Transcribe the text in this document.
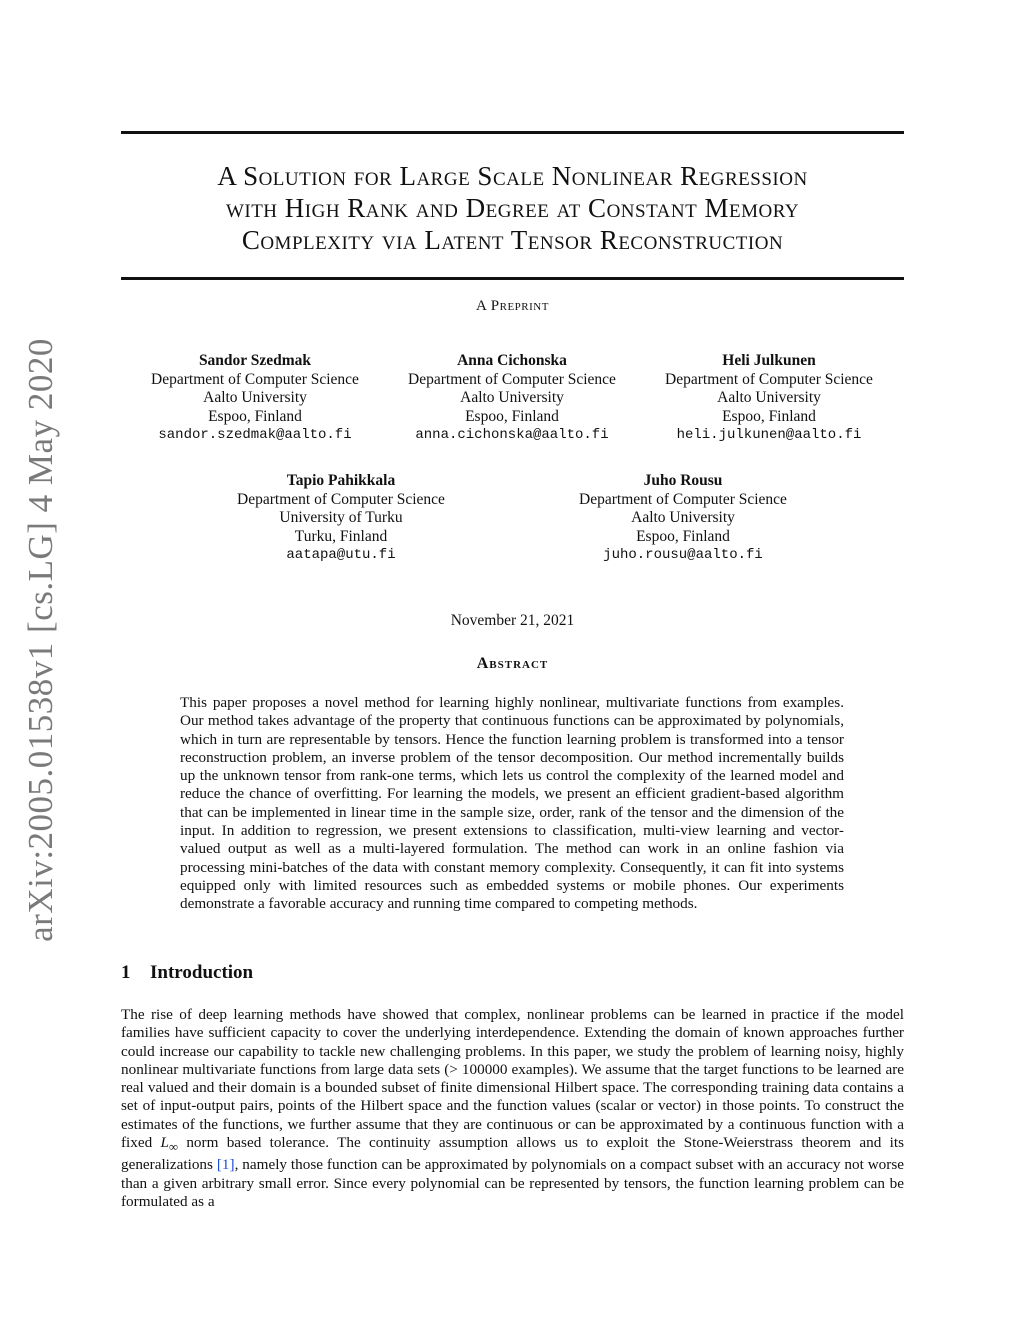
arXiv:2005.01538v1 [cs.LG] 4 May 2020
A Solution for Large Scale Nonlinear Regression
with High Rank and Degree at Constant Memory
Complexity via Latent Tensor Reconstruction
A Preprint
Sandor Szedmak
Department of Computer Science
Aalto University
Espoo, Finland
sandor.szedmak@aalto.fi
Anna Cichonska
Department of Computer Science
Aalto University
Espoo, Finland
anna.cichonska@aalto.fi
Heli Julkunen
Department of Computer Science
Aalto University
Espoo, Finland
heli.julkunen@aalto.fi
Tapio Pahikkala
Department of Computer Science
University of Turku
Turku, Finland
aatapa@utu.fi
Juho Rousu
Department of Computer Science
Aalto University
Espoo, Finland
juho.rousu@aalto.fi
November 21, 2021
Abstract
This paper proposes a novel method for learning highly nonlinear, multivariate functions from examples. Our method takes advantage of the property that continuous functions can be approximated by polynomials, which in turn are representable by tensors. Hence the function learning problem is transformed into a tensor reconstruction problem, an inverse problem of the tensor decomposition. Our method incrementally builds up the unknown tensor from rank-one terms, which lets us control the complexity of the learned model and reduce the chance of overfitting. For learning the models, we present an efficient gradient-based algorithm that can be implemented in linear time in the sample size, order, rank of the tensor and the dimension of the input. In addition to regression, we present extensions to classification, multi-view learning and vector-valued output as well as a multi-layered formulation. The method can work in an online fashion via processing mini-batches of the data with constant memory complexity. Consequently, it can fit into systems equipped only with limited resources such as embedded systems or mobile phones. Our experiments demonstrate a favorable accuracy and running time compared to competing methods.
1 Introduction
The rise of deep learning methods have showed that complex, nonlinear problems can be learned in practice if the model families have sufficient capacity to cover the underlying interdependence. Extending the domain of known approaches further could increase our capability to tackle new challenging problems. In this paper, we study the problem of learning noisy, highly nonlinear multivariate functions from large data sets (> 100000 examples). We assume that the target functions to be learned are real valued and their domain is a bounded subset of finite dimensional Hilbert space. The corresponding training data contains a set of input-output pairs, points of the Hilbert space and the function values (scalar or vector) in those points. To construct the estimates of the functions, we further assume that they are continuous or can be approximated by a continuous function with a fixed $L_\infty$ norm based tolerance. The continuity assumption allows us to exploit the Stone-Weierstrass theorem and its generalizations [1], namely those function can be approximated by polynomials on a compact subset with an accuracy not worse than a given arbitrary small error. Since every polynomial can be represented by tensors, the function learning problem can be formulated as a
